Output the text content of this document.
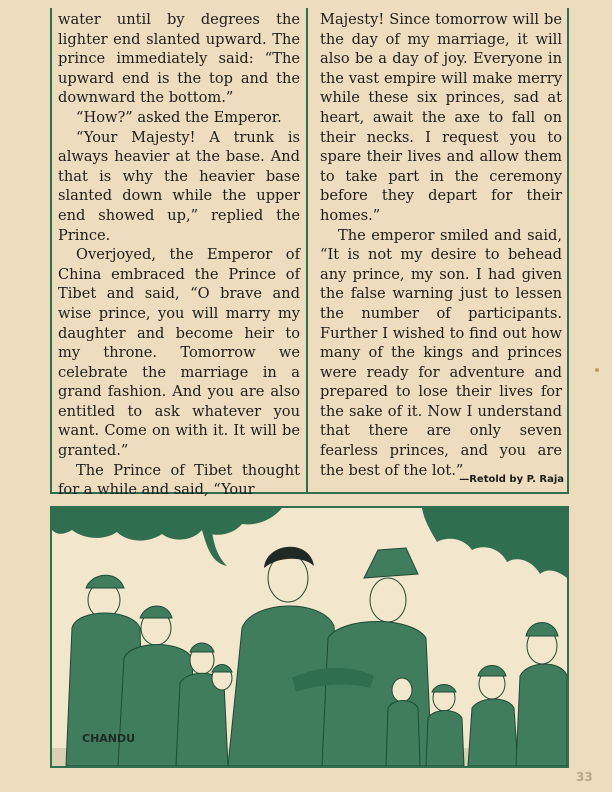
water until by degrees the lighter end slanted upward. The prince immediately said: “The upward end is the top and the downward the bottom.”

“How?” asked the Emperor.

“Your Majesty! A trunk is always heavier at the base. And that is why the heavier base slanted down while the upper end showed up,” replied the Prince.

Overjoyed, the Emperor of China embraced the Prince of Tibet and said, “O brave and wise prince, you will marry my daughter and become heir to my throne. Tomorrow we celebrate the marriage in a grand fashion. And you are also entitled to ask whatever you want. Come on with it. It will be granted.”

The Prince of Tibet thought for a while and said, “Your

Majesty! Since tomorrow will be the day of my marriage, it will also be a day of joy. Everyone in the vast empire will make merry while these six princes, sad at heart, await the axe to fall on their necks. I request you to spare their lives and allow them to take part in the ceremony before they depart for their homes.”

The emperor smiled and said, “It is not my desire to behead any prince, my son. I had given the false warning just to lessen the number of participants. Further I wished to find out how many of the kings and princes were ready for adventure and prepared to lose their lives for the sake of it. Now I understand that there are only seven fearless princes, and you are the best of the lot.”

—Retold by P. Raja
CHANDU
33
